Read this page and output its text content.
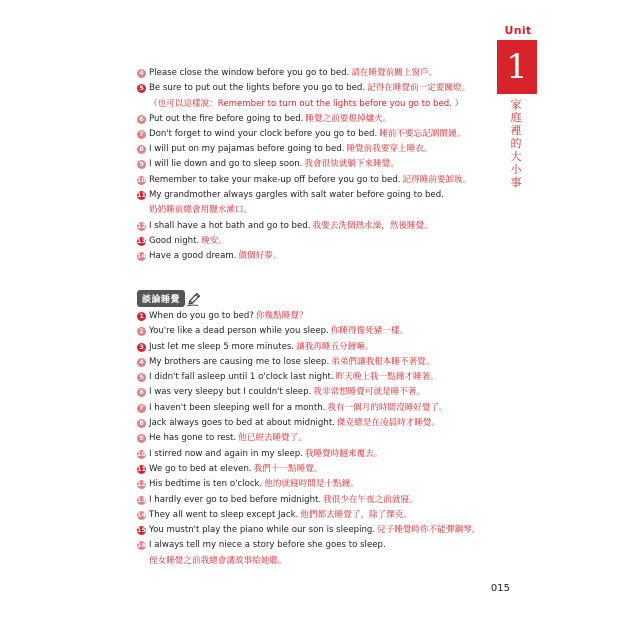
Unit
1
家庭裡的大小事
4 Please close the window before you go to bed. 請在睡覺前關上窗戶。
5 Be sure to put out the lights before you go to bed. 記得在睡覺前一定要關燈。
（也可以這樣說：Remember to turn out the lights before you go to bed. ）
6 Put out the fire before going to bed. 睡覺之前要熄掉爐火。
7 Don't forget to wind your clock before you go to bed. 睡前不要忘記調鬧鐘。
8 I will put on my pajamas before going to bed. 睡覺前我要穿上睡衣。
9 I will lie down and go to sleep soon. 我會很快就躺下來睡覺。
10 Remember to take your make-up off before you go to bed. 記得睡前要卸妝。
11 My grandmother always gargles with salt water before going to bed.
奶奶睡前總會用鹽水漱口。
12 I shall have a hot bath and go to bed. 我要去洗個熱水澡，然後睡覺。
13 Good night. 晚安。
14 Have a good dream. 做個好夢。
談論睡覺
1 When do you go to bed? 你幾點睡覺？
2 You're like a dead person while you sleep. 你睡得像死豬一樣。
3 Just let me sleep 5 more minutes. 讓我再睡五分鐘嘛。
4 My brothers are causing me to lose sleep. 弟弟們讓我根本睡不著覺。
5 I didn't fall asleep until 1 o'clock last night. 昨天晚上我一點鐘才睡著。
6 I was very sleepy but I couldn't sleep. 我非常想睡覺可就是睡不著。
7 I haven't been sleeping well for a month. 我有一個月的時間沒睡好覺了。
8 Jack always goes to bed at about midnight. 傑克總是在凌晨時才睡覺。
9 He has gone to rest. 他已經去睡覺了。
10 I stirred now and again in my sleep. 我睡覺時翻來覆去。
11 We go to bed at eleven. 我們十一點睡覺。
12 His bedtime is ten o'clock. 他的就寢時間是十點鐘。
13 I hardly ever go to bed before midnight. 我很少在午夜之前就寢。
14 They all went to sleep except Jack. 他們都去睡覺了，除了傑克。
15 You mustn't play the piano while our son is sleeping. 兒子睡覺時你不能彈鋼琴。
16 I always tell my niece a story before she goes to sleep.
侄女睡覺之前我總會講故事給她聽。
015
